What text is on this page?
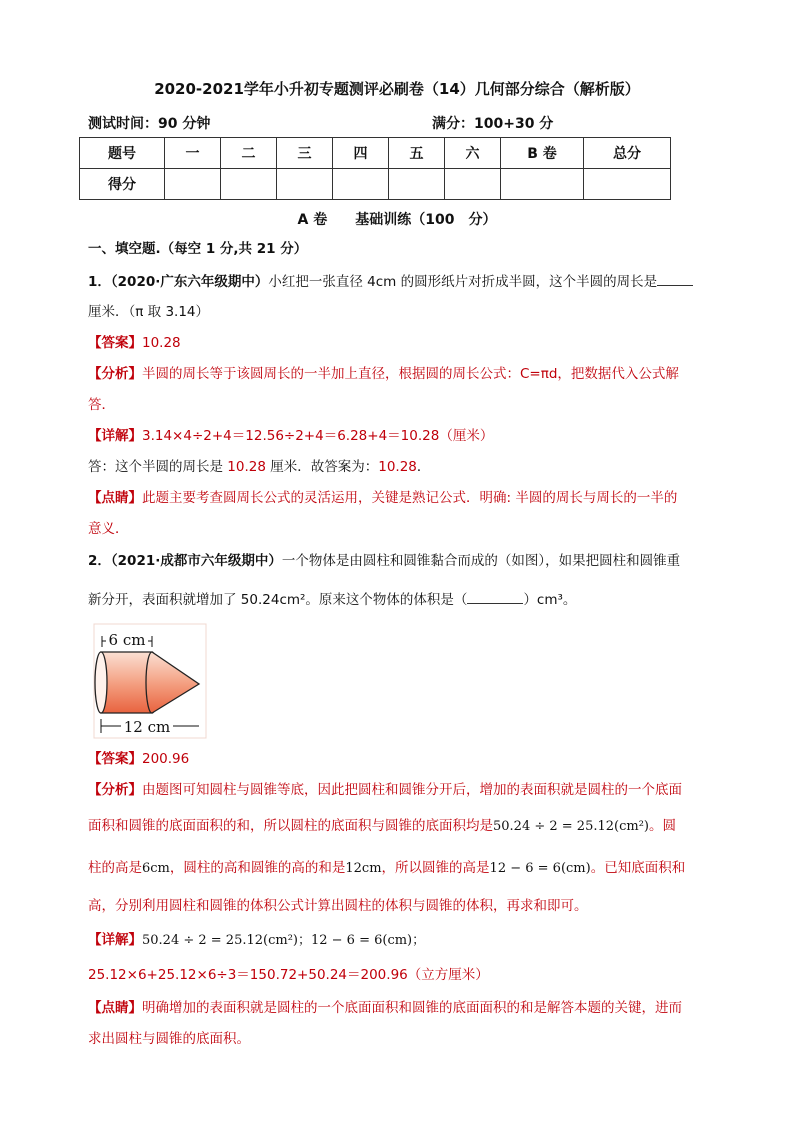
2020-2021学年小升初专题测评必刷卷（14）几何部分综合（解析版）
测试时间：90 分钟	满分：100+30 分
题号	一	二	三	四	五	六	B 卷	总分
得分								
A 卷　　基础训练（100　分）
一、填空题.（每空 1 分,共 21 分）
1．（2020·广东六年级期中）小红把一张直径 4cm 的圆形纸片对折成半圆，这个半圆的周长是
厘米．（π 取 3.14）
【答案】10.28
【分析】半圆的周长等于该圆周长的一半加上直径，根据圆的周长公式：C=πd，把数据代入公式解
答．
【详解】3.14×4÷2+4＝12.56÷2+4＝6.28+4＝10.28（厘米）
答：这个半圆的周长是 10.28 厘米．故答案为：10.28．
【点睛】此题主要考查圆周长公式的灵活运用，关键是熟记公式．明确: 半圆的周长与周长的一半的
意义．
2．（2021·成都市六年级期中）一个物体是由圆柱和圆锥黏合而成的（如图），如果把圆柱和圆锥重
新分开，表面积就增加了 50.24cm²。原来这个物体的体积是（	）cm³。
6 cm
12 cm
【答案】200.96
【分析】由题图可知圆柱与圆锥等底，因此把圆柱和圆锥分开后，增加的表面积就是圆柱的一个底面
面积和圆锥的底面面积的和，所以圆柱的底面积与圆锥的底面积均是50.24 ÷ 2 = 25.12(cm²)。圆
柱的高是6cm，圆柱的高和圆锥的高的和是12cm，所以圆锥的高是12 − 6 = 6(cm)。已知底面积和
高，分别利用圆柱和圆锥的体积公式计算出圆柱的体积与圆锥的体积，再求和即可。
【详解】50.24 ÷ 2 = 25.12(cm²)；12 − 6 = 6(cm)；
25.12×6+25.12×6÷3＝150.72+50.24＝200.96（立方厘米）
【点睛】明确增加的表面积就是圆柱的一个底面面积和圆锥的底面面积的和是解答本题的关键，进而
求出圆柱与圆锥的底面积。
